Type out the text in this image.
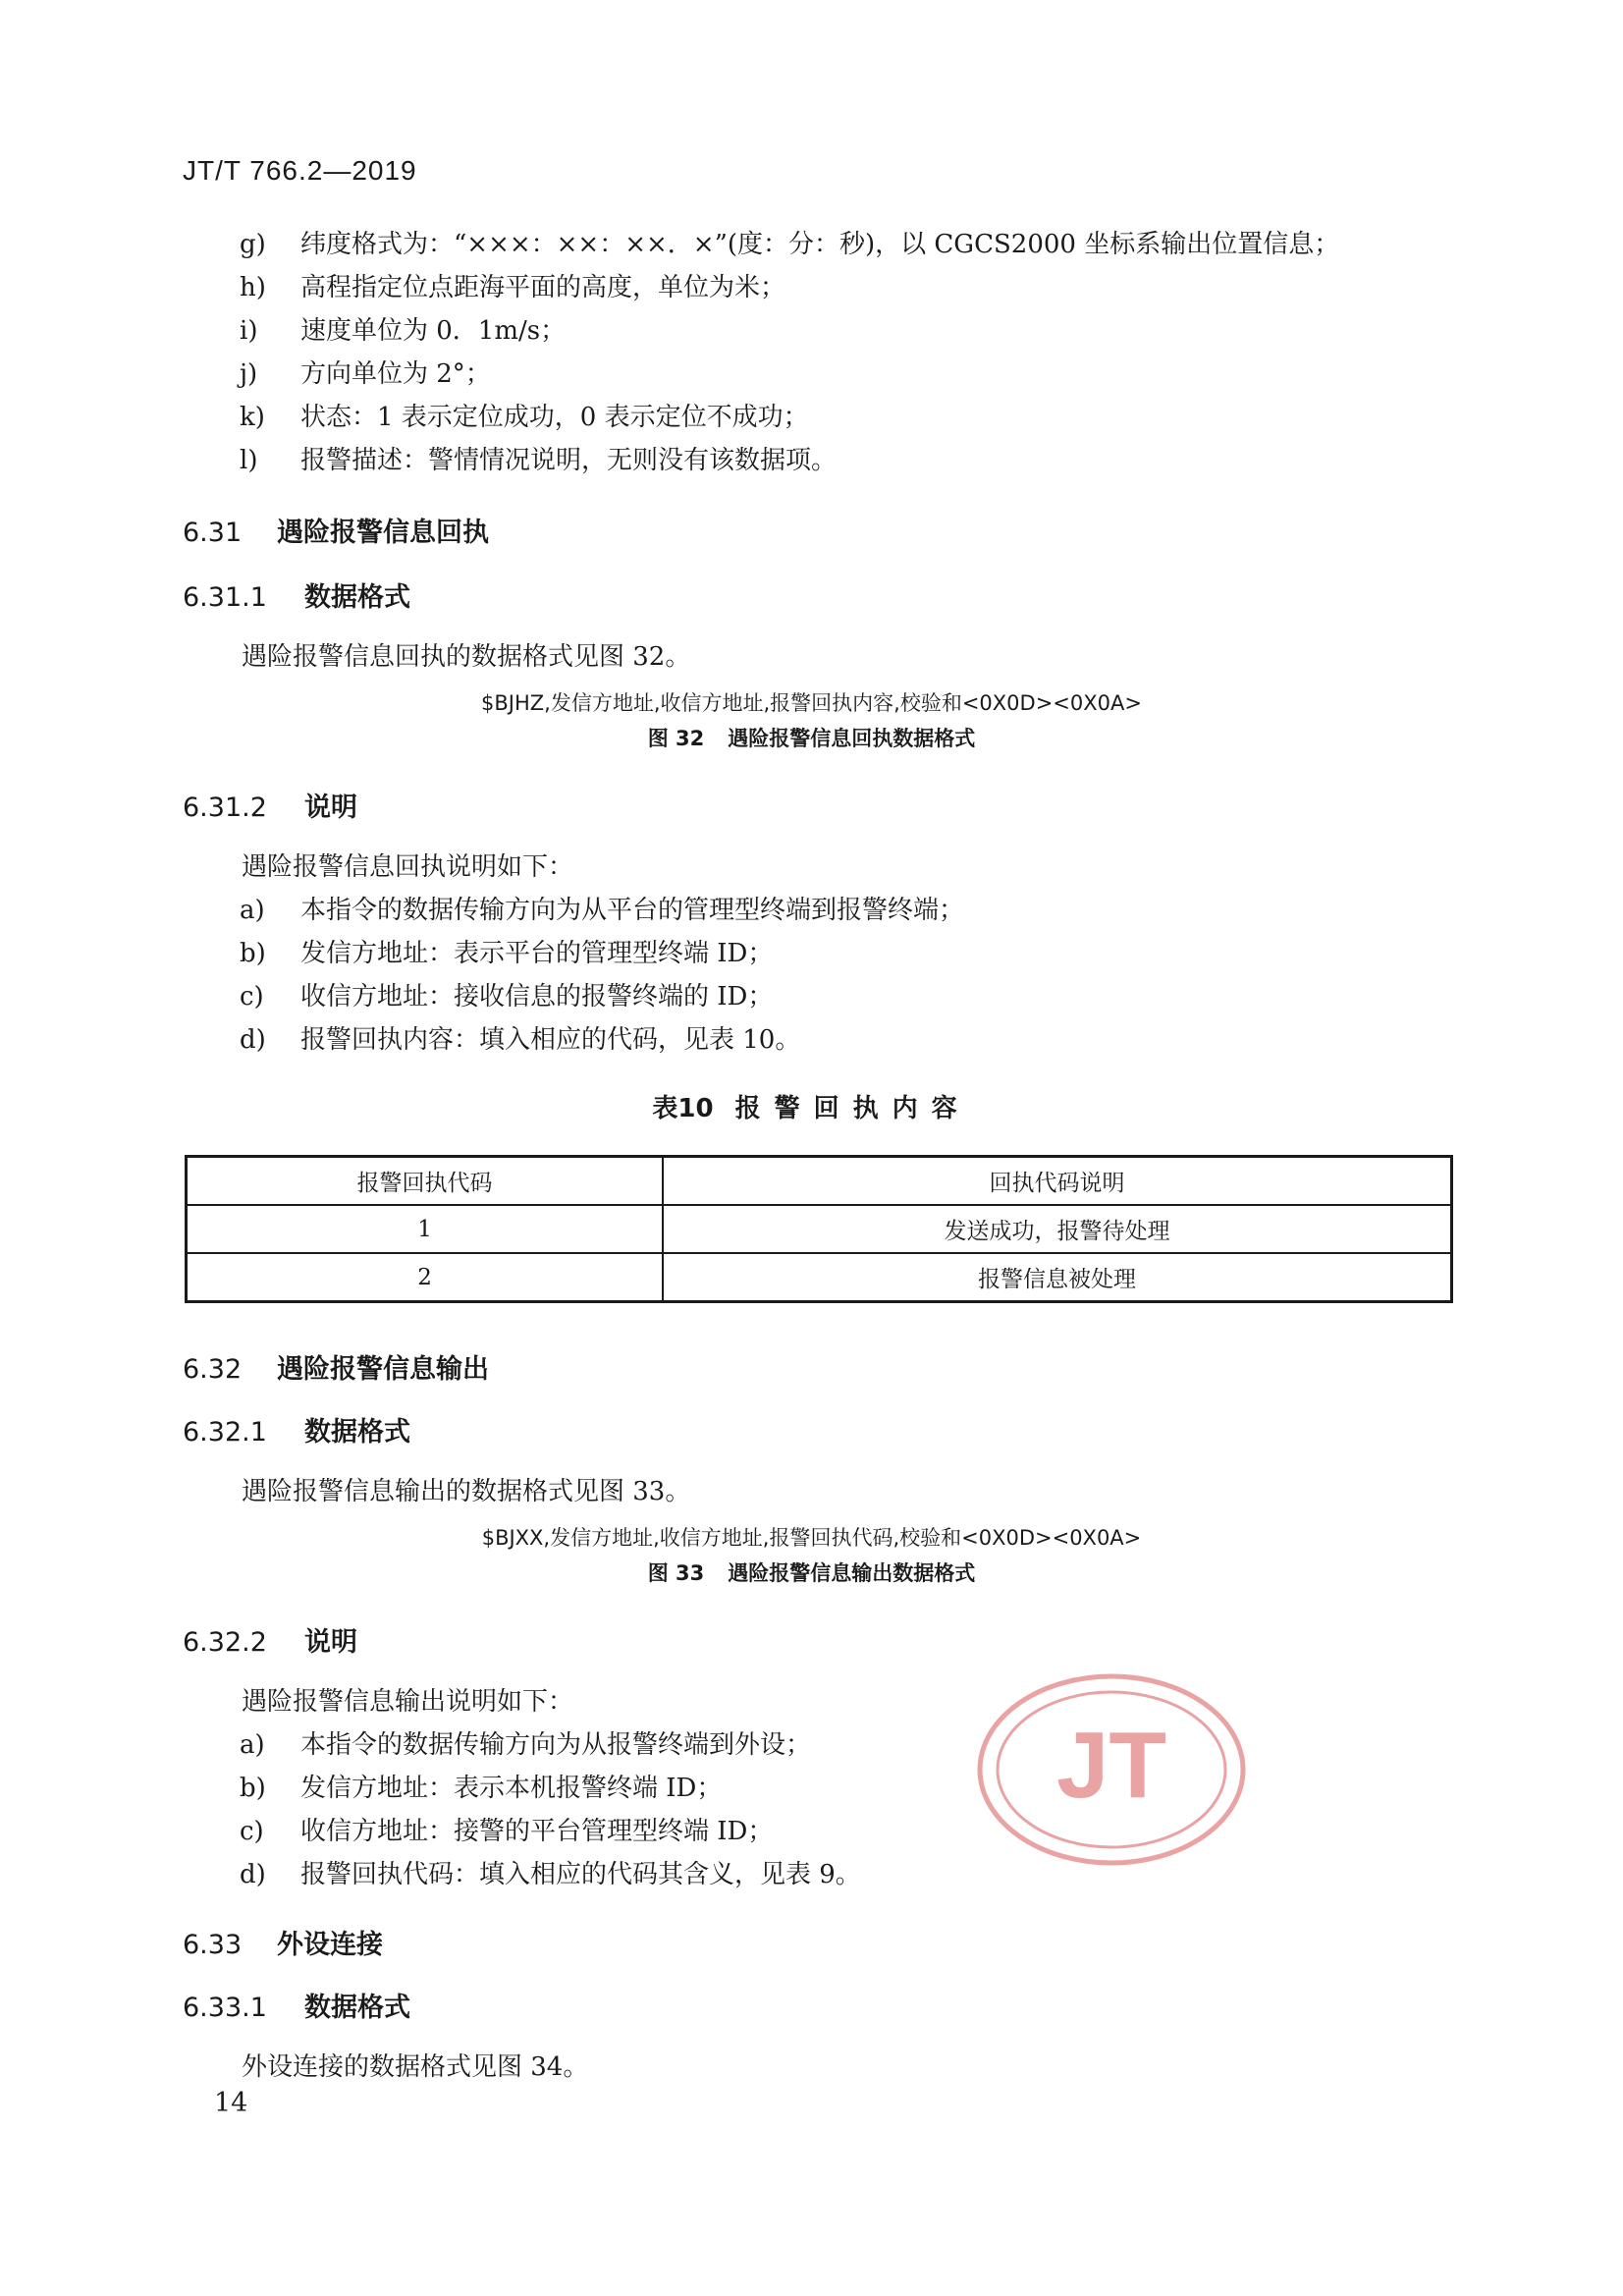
JT/T 766.2—2019
g) 纬度格式为：“×××：××：××．×”(度：分：秒)，以 CGCS2000 坐标系输出位置信息；
h) 高程指定位点距海平面的高度，单位为米；
i) 速度单位为 0．1m/s；
j) 方向单位为 2°；
k) 状态：1 表示定位成功，0 表示定位不成功；
l) 报警描述：警情情况说明，无则没有该数据项。
6.31 遇险报警信息回执
6.31.1 数据格式
遇险报警信息回执的数据格式见图 32。
$BJHZ,发信方地址,收信方地址,报警回执内容,校验和<0X0D><0X0A>
图 32 遇险报警信息回执数据格式
6.31.2 说明
遇险报警信息回执说明如下：
a) 本指令的数据传输方向为从平台的管理型终端到报警终端；
b) 发信方地址：表示平台的管理型终端 ID；
c) 收信方地址：接收信息的报警终端的 ID；
d) 报警回执内容：填入相应的代码，见表 10。
表10 报警回执内容
报警回执代码	回执代码说明
1	发送成功，报警待处理
2	报警信息被处理
6.32 遇险报警信息输出
6.32.1 数据格式
遇险报警信息输出的数据格式见图 33。
$BJXX,发信方地址,收信方地址,报警回执代码,校验和<0X0D><0X0A>
图 33 遇险报警信息输出数据格式
6.32.2 说明
遇险报警信息输出说明如下：
a) 本指令的数据传输方向为从报警终端到外设；
b) 发信方地址：表示本机报警终端 ID；
c) 收信方地址：接警的平台管理型终端 ID；
d) 报警回执代码：填入相应的代码其含义，见表 9。
6.33 外设连接
6.33.1 数据格式
外设连接的数据格式见图 34。
14
JT
